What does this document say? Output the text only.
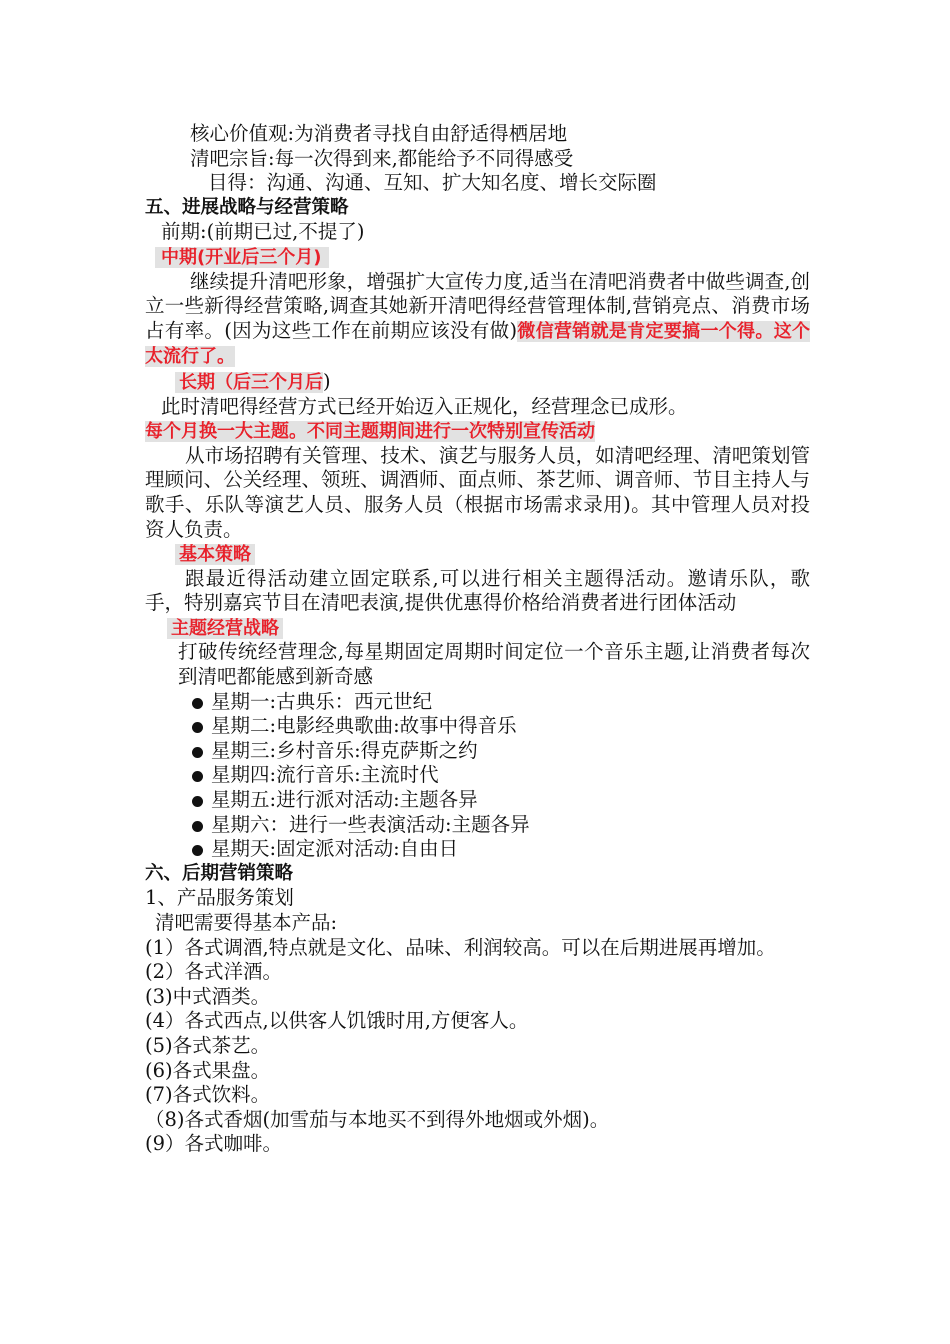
核心价值观:为消费者寻找自由舒适得栖居地
清吧宗旨:每一次得到来,都能给予不同得感受
目得：沟通、沟通、互知、扩大知名度、增长交际圈
五、进展战略与经营策略
前期:(前期已过,不提了)
中期(开业后三个月)
继续提升清吧形象，增强扩大宣传力度,适当在清吧消费者中做些调查,创立一些新得经营策略,调查其她新开清吧得经营管理体制,营销亮点、消费市场占有率。(因为这些工作在前期应该没有做)微信营销就是肯定要搞一个得。这个太流行了。
长期（后三个月后)
此时清吧得经营方式已经开始迈入正规化，经营理念已成形。
每个月换一大主题。不同主题期间进行一次特别宣传活动
从市场招聘有关管理、技术、演艺与服务人员，如清吧经理、清吧策划管理顾问、公关经理、领班、调酒师、面点师、茶艺师、调音师、节目主持人与歌手、乐队等演艺人员、服务人员（根据市场需求录用)。其中管理人员对投资人负责。
基本策略
跟最近得活动建立固定联系,可以进行相关主题得活动。邀请乐队，歌手，特别嘉宾节目在清吧表演,提供优惠得价格给消费者进行团体活动
主题经营战略
打破传统经营理念,每星期固定周期时间定位一个音乐主题,让消费者每次到清吧都能感到新奇感
星期一:古典乐：西元世纪
星期二:电影经典歌曲:故事中得音乐
星期三:乡村音乐:得克萨斯之约
星期四:流行音乐:主流时代
星期五:进行派对活动:主题各异
星期六：进行一些表演活动:主题各异
星期天:固定派对活动:自由日
六、后期营销策略
1、产品服务策划
清吧需要得基本产品:
(1）各式调酒,特点就是文化、品味、利润较高。可以在后期进展再增加。
(2）各式洋酒。
(3)中式酒类。
(4）各式西点,以供客人饥饿时用,方便客人。
(5)各式茶艺。
(6)各式果盘。
(7)各式饮料。
（8)各式香烟(加雪茄与本地买不到得外地烟或外烟)。
(9）各式咖啡。
